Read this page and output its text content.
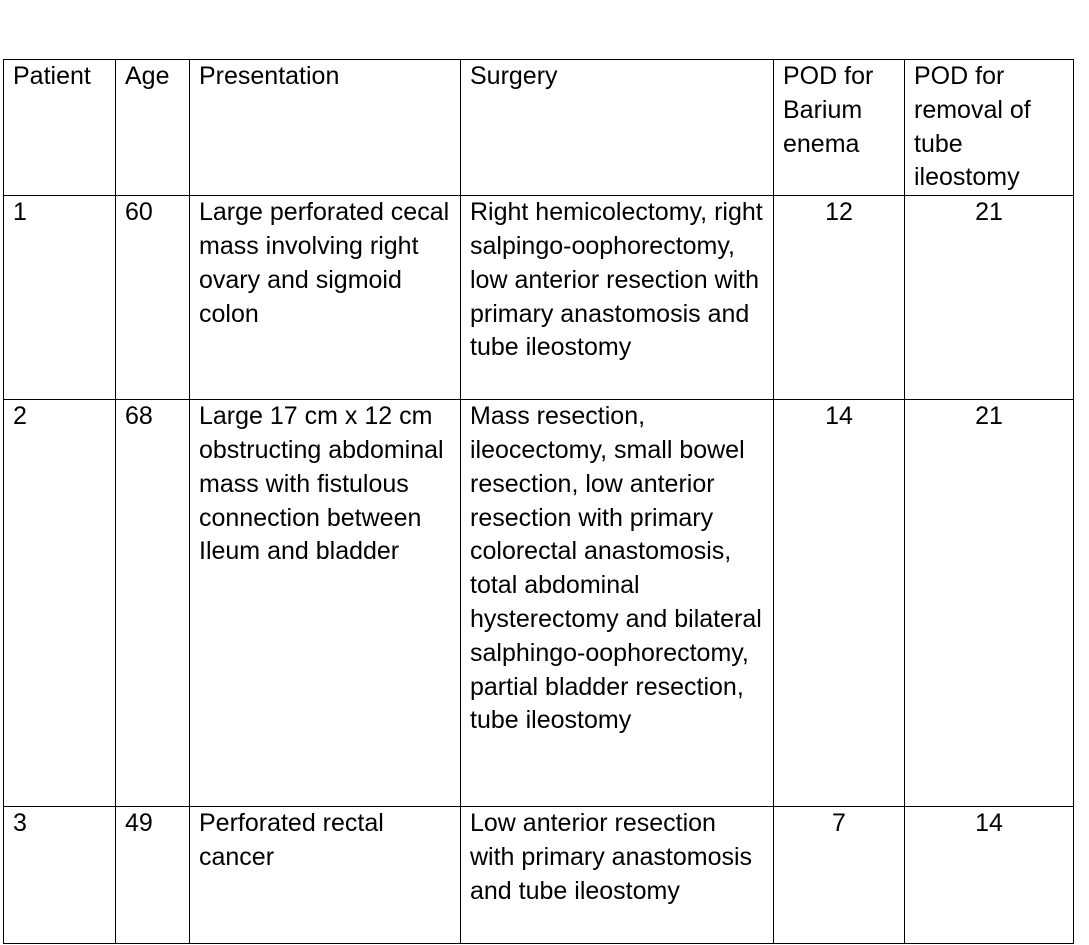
Patient	Age	Presentation	Surgery	POD for Barium enema	POD for removal of tube ileostomy
1	60	Large perforated cecal mass involving right ovary and sigmoid colon	Right hemicolectomy, right salpingo-oophorectomy, low anterior resection with primary anastomosis and tube ileostomy	12	21
2	68	Large 17 cm x 12 cm obstructing abdominal mass with fistulous connection between Ileum and bladder	Mass resection, ileocectomy, small bowel resection, low anterior resection with primary colorectal anastomosis, total abdominal hysterectomy and bilateral salphingo-oophorectomy, partial bladder resection, tube ileostomy	14	21
3	49	Perforated rectal cancer	Low anterior resection with primary anastomosis and tube ileostomy	7	14
